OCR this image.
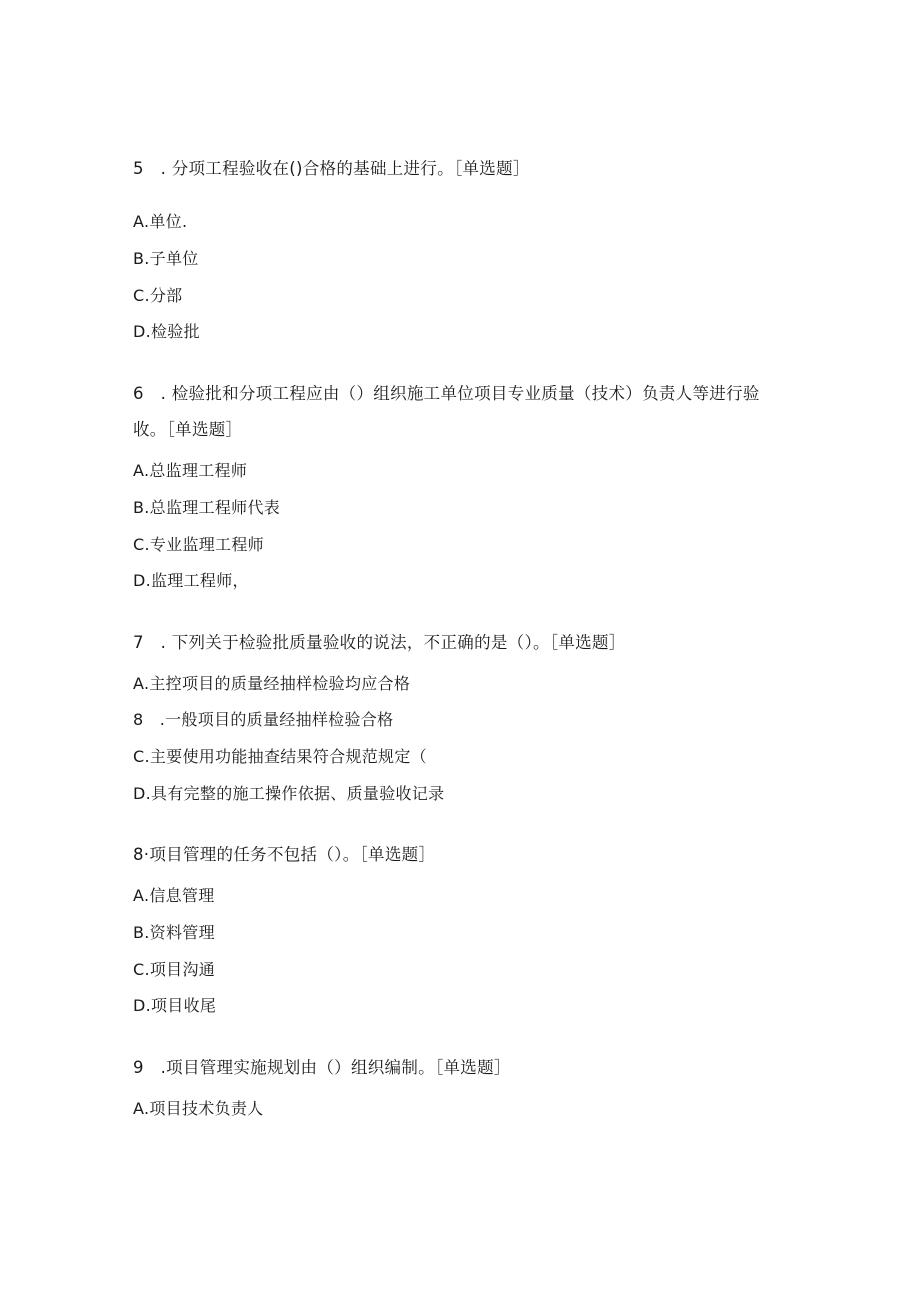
5　. 分项工程验收在()合格的基础上进行。［单选题］
A.单位.
B.子单位
C.分部
D.检验批
6　. 检验批和分项工程应由（）组织施工单位项目专业质量（技术）负责人等进行验
收。［单选题］
A.总监理工程师
B.总监理工程师代表
C.专业监理工程师
D.监理工程师，
7　. 下列关于检验批质量验收的说法，不正确的是（）。［单选题］
A.主控项目的质量经抽样检验均应合格
8　.一般项目的质量经抽样检验合格
C.主要使用功能抽查结果符合规范规定（
D.具有完整的施工操作依据、质量验收记录
8·项目管理的任务不包括（）。［单选题］
A.信息管理
B.资料管理
C.项目沟通
D.项目收尾
9　.项目管理实施规划由（）组织编制。［单选题］
A.项目技术负责人
